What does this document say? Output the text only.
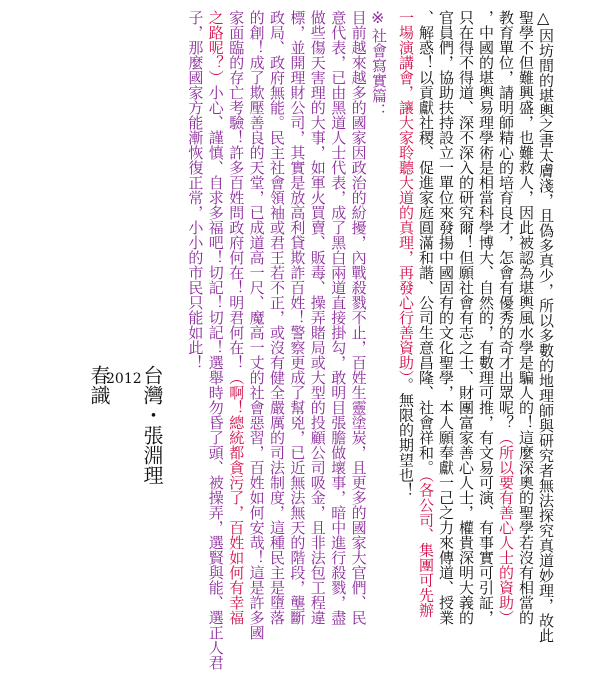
△
※
因坊間的堪輿之書太膚淺，且偽多真少，所以多數的地理師與研究者無法探究真道妙理，故此
聖學不但難興盛，也難救人，因此被認為堪輿風水學是騙人的！這麼深奧的聖學若沒有相當的
教育單位，請明師精心的培育良才，怎會有優秀的奇才出眾呢？（所以要有善心人士的資助）
，中國的堪輿易理學術是相當科學博大、自然的，有數理可推，有文易可演、有事實可引証，
只在得不得道、深不深入的研究爾！但願社會有志之士、財團富家善心人士，權貴深明大義的
官員們，協助扶持設立一單位來發揚中國固有的文化聖學，本人願奉獻一己之力來傳道、授業
、解惑！以貢獻社稷、促進家庭圓滿和諧、公司生意昌隆、社會祥和。（各公司、集團可先辦
一場演講會，讓大家聆聽大道的真理，再發心行善資助）。無限的期望也！
社會寫實篇：
目前越來越多的國家因政治的紛擾，內戰殺戮不止，百姓生靈塗炭，且更多的國家大官們、民
意代表，已由黑道人士代表，成了黑白兩道直接掛勾，敢明目張膽做壞事，暗中進行殺戮，盡
做些傷天害理的大事，如軍火買賣、販毒、操弄賭局或大型的投顧公司吸金，且非法包工程違
標，並開理財公司，其實是放高利貸欺詐百姓！警察更成了幫兇，已近無法無天的階段，壟斷
政局、政府無能。民主社會領袖或君王若不正，或沒有健全嚴厲的司法制度，這種民主是墮落
的創！成了欺壓善良的天堂，已成道高一尺、魔高一丈的社會惡習，百姓如何安哉！這是許多國
家面臨的存亡考驗！許多百姓問政府何在！明君何在！（啊！總統都貪污了，百姓如何有幸福
之路呢？）小心、謹慎、自求多福吧！切記！切記！選舉時勿昏了頭、被操弄，選賢與能、選正人君
子，那麼國家方能漸恢復正常，小小的市民只能如此！
台灣・張淵理
2012
春識
